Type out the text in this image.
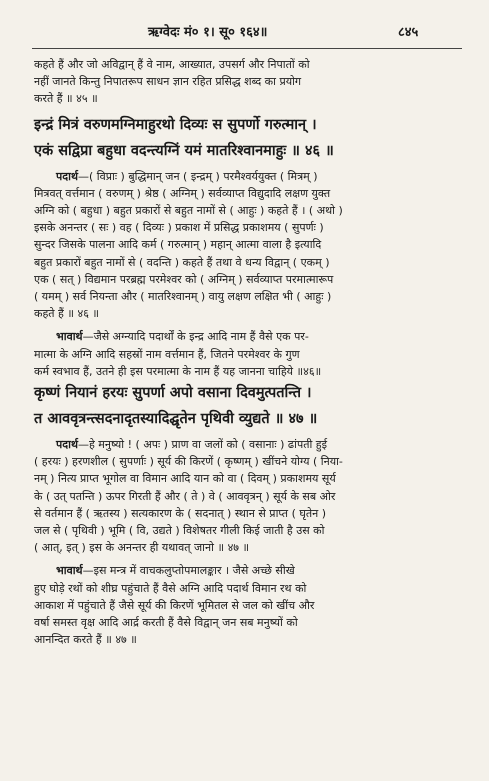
ऋग्वेदः मं० १। सू० १६४॥	८४५
कहते हैं और जो अविद्वान् हैं वे नाम, आख्यात, उपसर्ग और निपातों को
नहीं जानते किन्तु निपातरूप साधन ज्ञान रहित प्रसिद्ध शब्द का प्रयोग
करते हैं ॥ ४५ ॥
इन्द्रं मित्रं वरुणमग्निमाहुरथो दिव्यः स सुपर्णो गरुत्मान् ।
एकं सद्विप्रा बहुधा वदन्त्यग्निं यमं मातरिश्वानमाहुः ॥ ४६ ॥
पदार्थ—( विप्राः ) बुद्धिमान् जन ( इन्द्रम् ) परमैश्वर्ययुक्त ( मित्रम् )
मित्रवत् वर्त्तमान ( वरुणम् ) श्रेष्ठ ( अग्निम् ) सर्वव्याप्त विद्युदादि लक्षण युक्त
अग्नि को ( बहुधा ) बहुत प्रकारों से बहुत नामों से ( आहुः ) कहते हैं । ( अथो )
इसके अनन्तर ( सः ) वह ( दिव्यः ) प्रकाश में प्रसिद्ध प्रकाशमय ( सुपर्णः )
सुन्दर जिसके पालना आदि कर्म ( गरुत्मान् ) महान् आत्मा वाला है इत्यादि
बहुत प्रकारों बहुत नामों से ( वदन्ति ) कहते हैं तथा वे धन्य विद्वान् ( एकम् )
एक ( सत् ) विद्यमान परब्रह्म परमेश्वर को ( अग्निम् ) सर्वव्याप्त परमात्मारूप
( यमम् ) सर्व नियन्ता और ( मातरिश्वानम् ) वायु लक्षण लक्षित भी ( आहुः )
कहते हैं ॥ ४६ ॥
भावार्थ—जैसे अग्न्यादि पदार्थों के इन्द्र आदि नाम हैं वैसे एक पर-
मात्मा के अग्नि आदि सहस्रों नाम वर्त्तमान हैं, जितने परमेश्वर के गुण
कर्म स्वभाव हैं, उतने ही इस परमात्मा के नाम हैं यह जानना चाहिये ॥४६॥
कृष्णं नियानं हरयः सुपर्णा अपो वसाना दिवमुत्पतन्ति ।
त आववृत्रन्त्सदनादृतस्यादिद्घृतेन पृथिवी व्युद्यते ॥ ४७ ॥
पदार्थ—हे मनुष्यो ! ( अपः ) प्राण वा जलों को ( वसानाः ) ढांपती हुई
( हरयः ) हरणशील ( सुपर्णाः ) सूर्य की किरणें ( कृष्णम् ) खींचने योग्य ( निया-
नम् ) नित्य प्राप्त भूगोल वा विमान आदि यान को वा ( दिवम् ) प्रकाशमय सूर्य
के ( उत् पतन्ति ) ऊपर गिरती हैं और ( ते ) वे ( आववृत्रन् ) सूर्य के सब ओर
से वर्तमान हैं ( ऋतस्य ) सत्यकारण के ( सदनात् ) स्थान से प्राप्त ( घृतेन )
जल से ( पृथिवी ) भूमि ( वि, उद्यते ) विशेषतर गीली किई जाती है उस को
( आत्, इत् ) इस के अनन्तर ही यथावत् जानो ॥ ४७ ॥
भावार्थ—इस मन्त्र में वाचकलुप्तोपमालङ्कार । जैसे अच्छे सीखे
हुए घोड़े रथों को शीघ्र पहुंचाते हैं वैसे अग्नि आदि पदार्थ विमान रथ को
आकाश में पहुंचाते हैं जैसे सूर्य की किरणें भूमितल से जल को खींच और
वर्षा समस्त वृक्ष आदि आर्द्र करती हैं वैसे विद्वान् जन सब मनुष्यों को
आनन्दित करते हैं ॥ ४७ ॥
